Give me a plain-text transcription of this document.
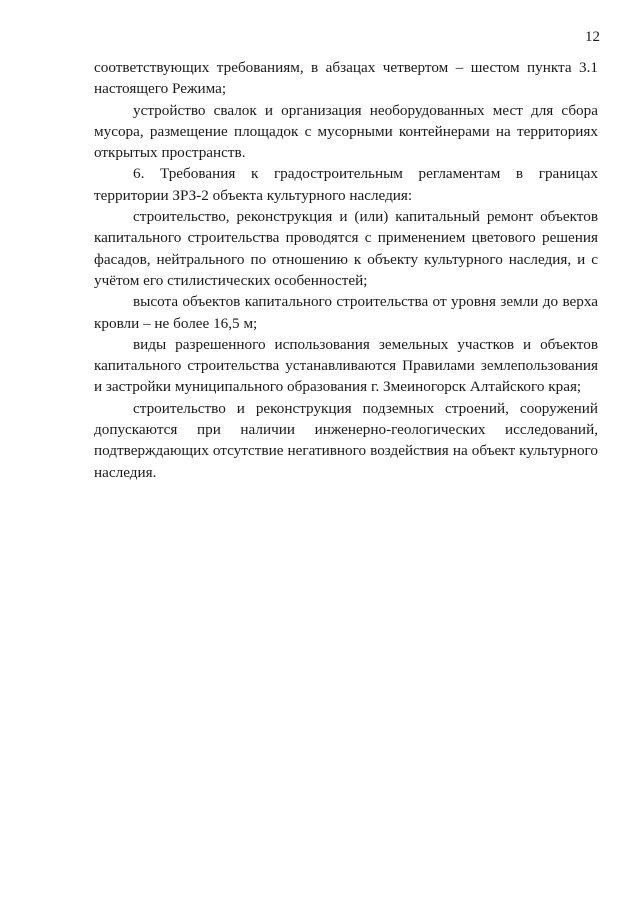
12

соответствующих требованиям, в абзацах четвертом – шестом пункта 3.1 настоящего Режима;

устройство свалок и организация необорудованных мест для сбора мусора, размещение площадок с мусорными контейнерами на территориях открытых пространств.

6. Требования к градостроительным регламентам в границах территории ЗРЗ-2 объекта культурного наследия:

строительство, реконструкция и (или) капитальный ремонт объектов капитального строительства проводятся с применением цветового решения фасадов, нейтрального по отношению к объекту культурного наследия, и с учётом его стилистических особенностей;

высота объектов капитального строительства от уровня земли до верха кровли – не более 16,5 м;

виды разрешенного использования земельных участков и объектов капитального строительства устанавливаются Правилами землепользования и застройки муниципального образования г. Змеиногорск Алтайского края;

строительство и реконструкция подземных строений, сооружений допускаются при наличии инженерно-геологических исследований, подтверждающих отсутствие негативного воздействия на объект культурного наследия.
